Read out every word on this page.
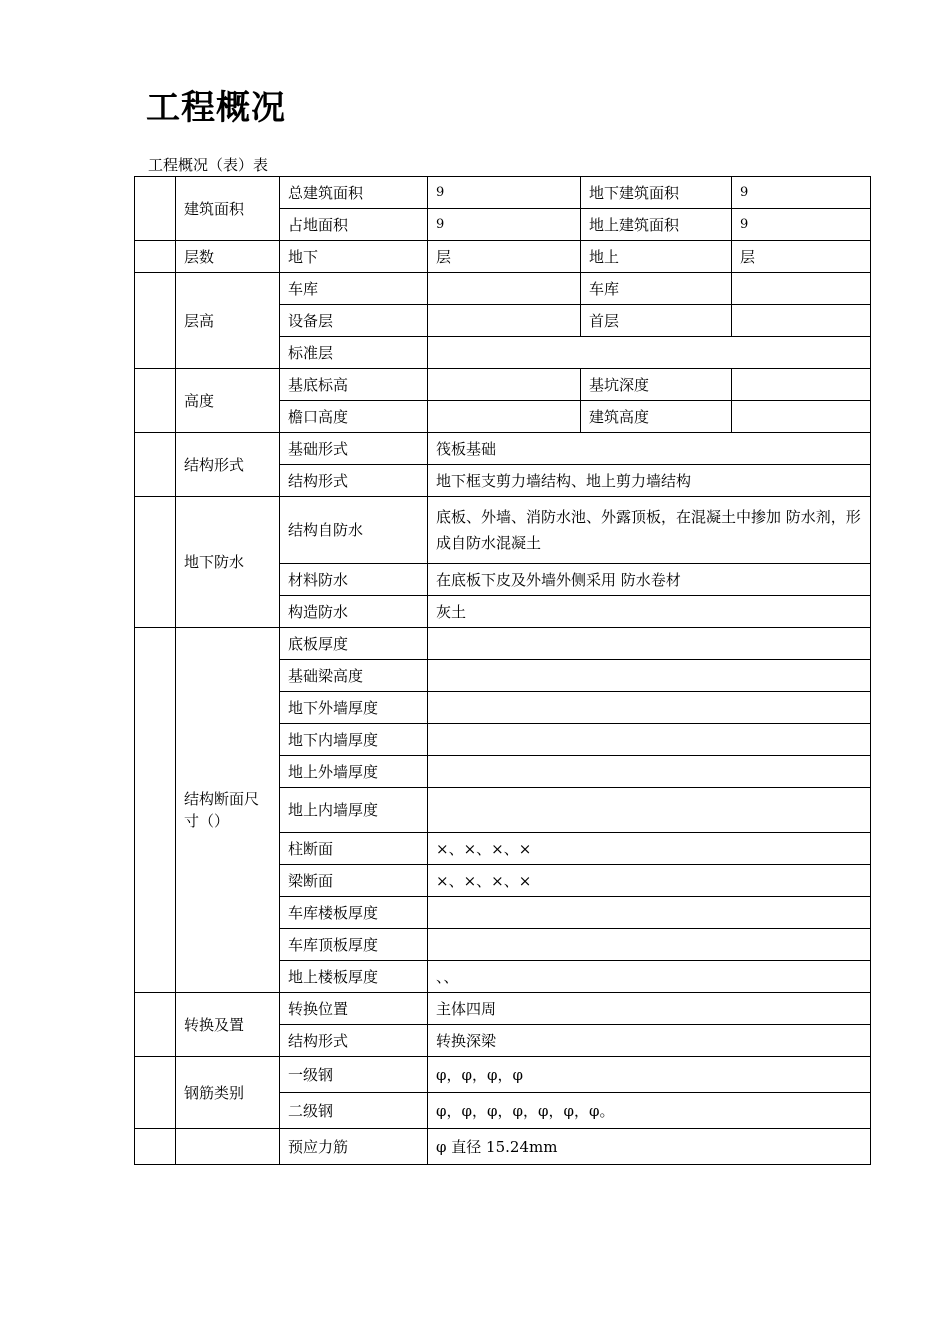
工程概况
工程概况（表）表
	建筑面积	总建筑面积	9	地下建筑面积	9
		占地面积	9	地上建筑面积	9
	层数	地下	层	地上	层
	层高	车库		车库	
		设备层		首层	
		标准层			
	高度	基底标高		基坑深度	
		檐口高度		建筑高度	
	结构形式	基础形式	筏板基础		
		结构形式	地下框支剪力墙结构、地上剪力墙结构		
	地下防水	结构自防水	底板、外墙、消防水池、外露顶板，在混凝土中掺加 防水剂，形成自防水混凝土		
		材料防水	在底板下皮及外墙外侧采用 防水卷材		
		构造防水	灰土		
	结构断面尺寸（）	底板厚度			
		基础梁高度			
		地下外墙厚度			
		地下内墙厚度			
		地上外墙厚度			
		地上内墙厚度			
		柱断面	×、×、×、×		
		梁断面	×、×、×、×		
		车库楼板厚度			
		车库顶板厚度			
		地上楼板厚度	、、		
	转换及置	转换位置	主体四周		
		结构形式	转换深梁		
	钢筋类别	一级钢	φ，φ，φ，φ		
		二级钢	φ，φ，φ，φ，φ，φ，φ。		
		预应力筋	φ 直径 15.24mm		
